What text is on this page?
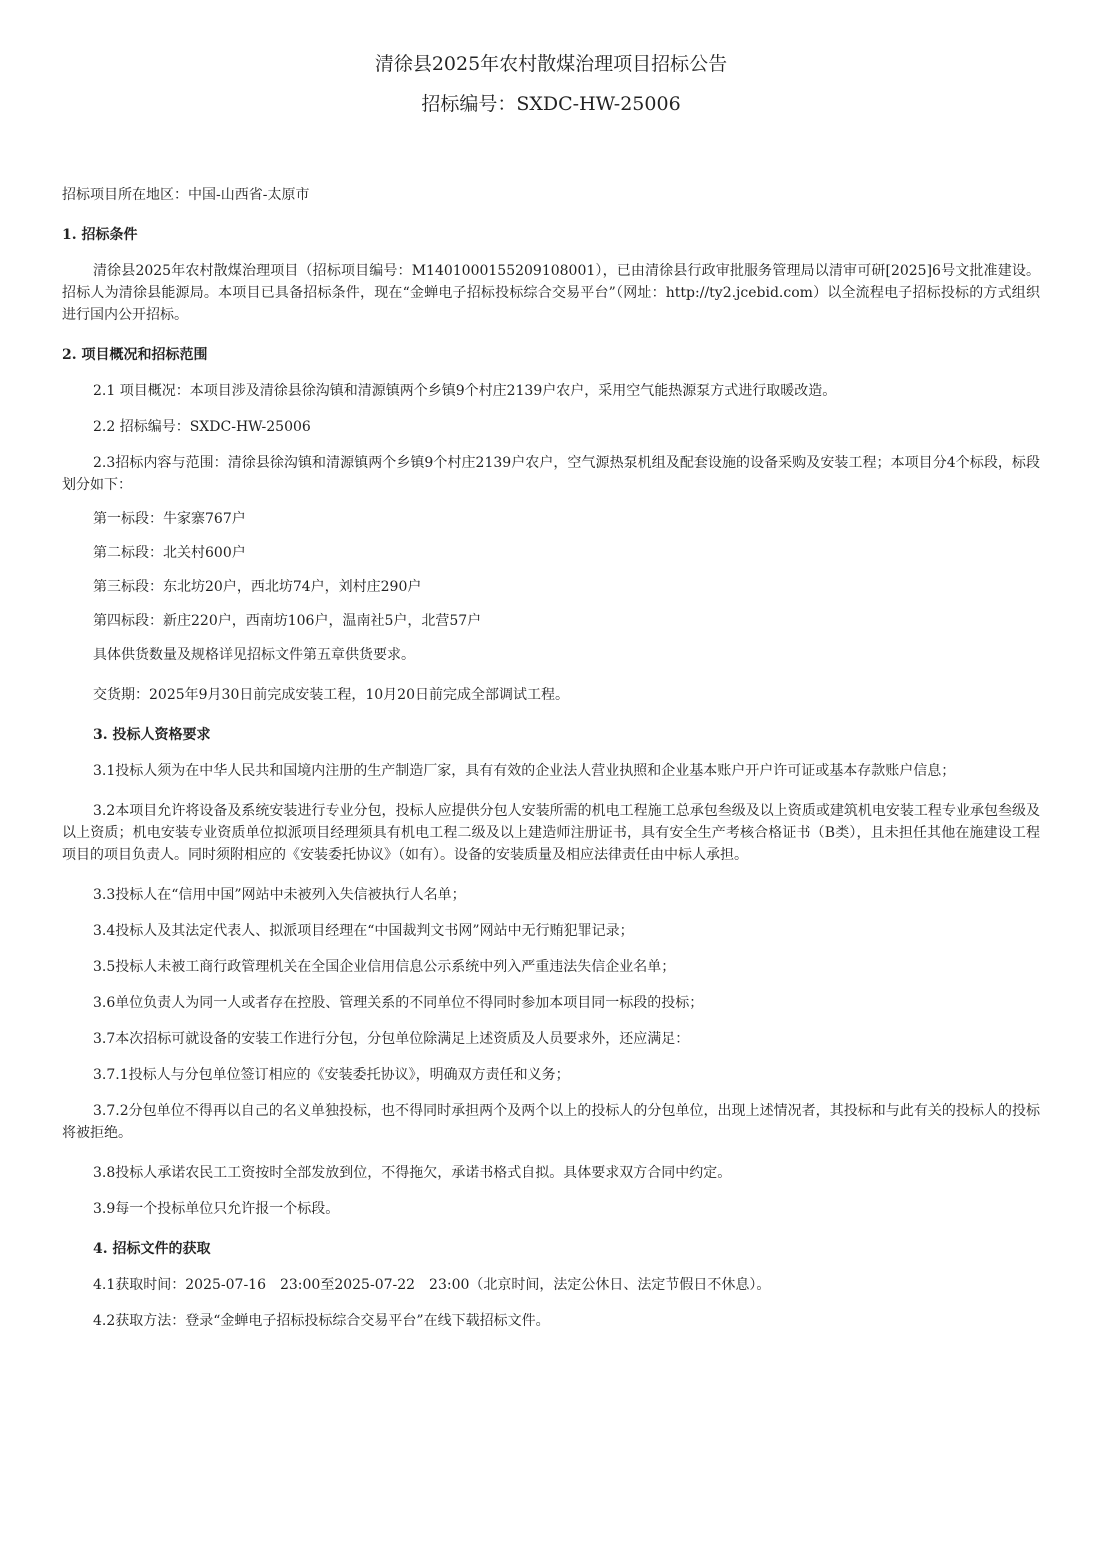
清徐县2025年农村散煤治理项目招标公告
招标编号：SXDC-HW-25006
招标项目所在地区：中国-山西省-太原市
1. 招标条件
清徐县2025年农村散煤治理项目（招标项目编号：M1401000155209108001），已由清徐县行政审批服务管理局以清审可研[2025]6号文批准建设。招标人为清徐县能源局。本项目已具备招标条件，现在“金蝉电子招标投标综合交易平台”（网址：http://ty2.jcebid.com）以全流程电子招标投标的方式组织进行国内公开招标。
2. 项目概况和招标范围
2.1 项目概况：本项目涉及清徐县徐沟镇和清源镇两个乡镇9个村庄2139户农户，采用空气能热源泵方式进行取暖改造。
2.2 招标编号：SXDC-HW-25006
2.3招标内容与范围：清徐县徐沟镇和清源镇两个乡镇9个村庄2139户农户，空气源热泵机组及配套设施的设备采购及安装工程；本项目分4个标段，标段划分如下：
第一标段：牛家寨767户
第二标段：北关村600户
第三标段：东北坊20户，西北坊74户，刘村庄290户
第四标段：新庄220户，西南坊106户，温南社5户，北营57户
具体供货数量及规格详见招标文件第五章供货要求。
交货期：2025年9月30日前完成安装工程，10月20日前完成全部调试工程。
3. 投标人资格要求
3.1投标人须为在中华人民共和国境内注册的生产制造厂家，具有有效的企业法人营业执照和企业基本账户开户许可证或基本存款账户信息；
3.2本项目允许将设备及系统安装进行专业分包，投标人应提供分包人安装所需的机电工程施工总承包叁级及以上资质或建筑机电安装工程专业承包叁级及以上资质；机电安装专业资质单位拟派项目经理须具有机电工程二级及以上建造师注册证书，具有安全生产考核合格证书（B类），且未担任其他在施建设工程项目的项目负责人。同时须附相应的《安装委托协议》（如有）。设备的安装质量及相应法律责任由中标人承担。
3.3投标人在“信用中国”网站中未被列入失信被执行人名单；
3.4投标人及其法定代表人、拟派项目经理在“中国裁判文书网”网站中无行贿犯罪记录；
3.5投标人未被工商行政管理机关在全国企业信用信息公示系统中列入严重违法失信企业名单；
3.6单位负责人为同一人或者存在控股、管理关系的不同单位不得同时参加本项目同一标段的投标；
3.7本次招标可就设备的安装工作进行分包，分包单位除满足上述资质及人员要求外，还应满足：
3.7.1投标人与分包单位签订相应的《安装委托协议》，明确双方责任和义务；
3.7.2分包单位不得再以自己的名义单独投标，也不得同时承担两个及两个以上的投标人的分包单位，出现上述情况者，其投标和与此有关的投标人的投标将被拒绝。
3.8投标人承诺农民工工资按时全部发放到位，不得拖欠，承诺书格式自拟。具体要求双方合同中约定。
3.9每一个投标单位只允许报一个标段。
4. 招标文件的获取
4.1获取时间：2025-07-16　23:00至2025-07-22　23:00（北京时间，法定公休日、法定节假日不休息）。
4.2获取方法：登录“金蝉电子招标投标综合交易平台”在线下载招标文件。
